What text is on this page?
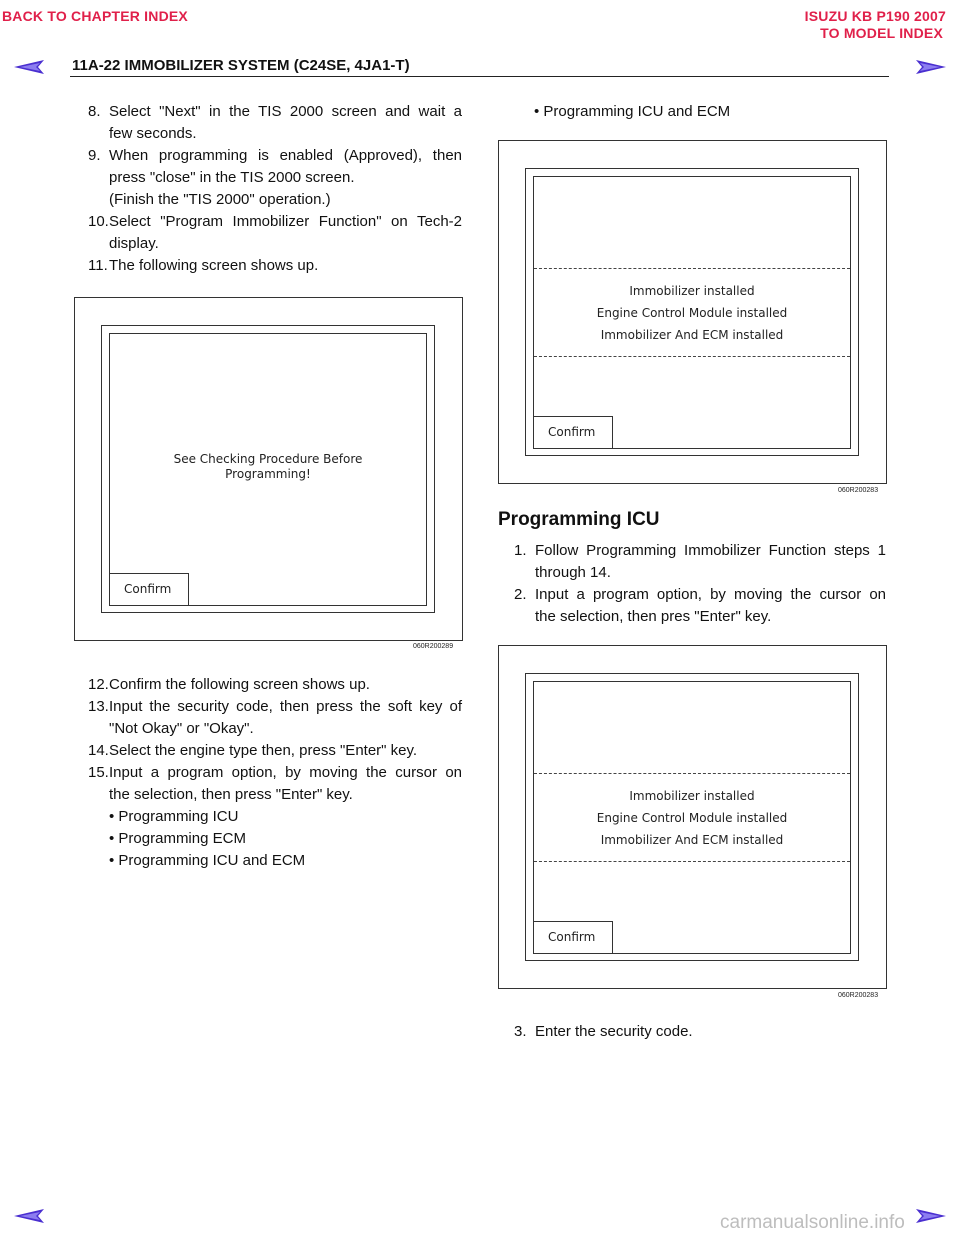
BACK TO CHAPTER INDEX	ISUZU KB P190 2007
TO MODEL INDEX
11A-22 IMMOBILIZER SYSTEM (C24SE, 4JA1-T)
8. Select "Next" in the TIS 2000 screen and wait a
few seconds.
9. When programming is enabled (Approved), then
press "close" in the TIS 2000 screen.
(Finish the "TIS 2000" operation.)
10. Select "Program Immobilizer Function" on Tech-2
display.
11. The following screen shows up.
See Checking Procedure Before
Programming!
Confirm
060R200289
12. Confirm the following screen shows up.
13. Input the security code, then press the soft key of
"Not Okay" or "Okay".
14. Select the engine type then, press "Enter" key.
15. Input a program option, by moving the cursor on
the selection, then press "Enter" key.
• Programming ICU
• Programming ECM
• Programming ICU and ECM
• Programming ICU and ECM
Immobilizer installed
Engine Control Module installed
Immobilizer And ECM installed
Confirm
060R200283
Programming ICU
1. Follow Programming Immobilizer Function steps 1
through 14.
2. Input a program option, by moving the cursor on
the selection, then pres "Enter" key.
Immobilizer installed
Engine Control Module installed
Immobilizer And ECM installed
Confirm
060R200283
3. Enter the security code.
carmanualsonline.info
